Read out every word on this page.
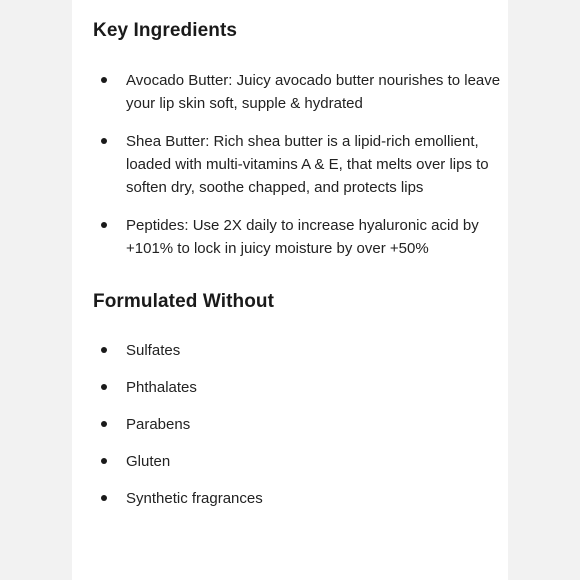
Key Ingredients
Avocado Butter: Juicy avocado butter nourishes to leave your lip skin soft, supple & hydrated
Shea Butter: Rich shea butter is a lipid-rich emollient, loaded with multi-vitamins A & E, that melts over lips to soften dry, soothe chapped, and protects lips
Peptides: Use 2X daily to increase hyaluronic acid by +101% to lock in juicy moisture by over +50%
Formulated Without
Sulfates
Phthalates
Parabens
Gluten
Synthetic fragrances
